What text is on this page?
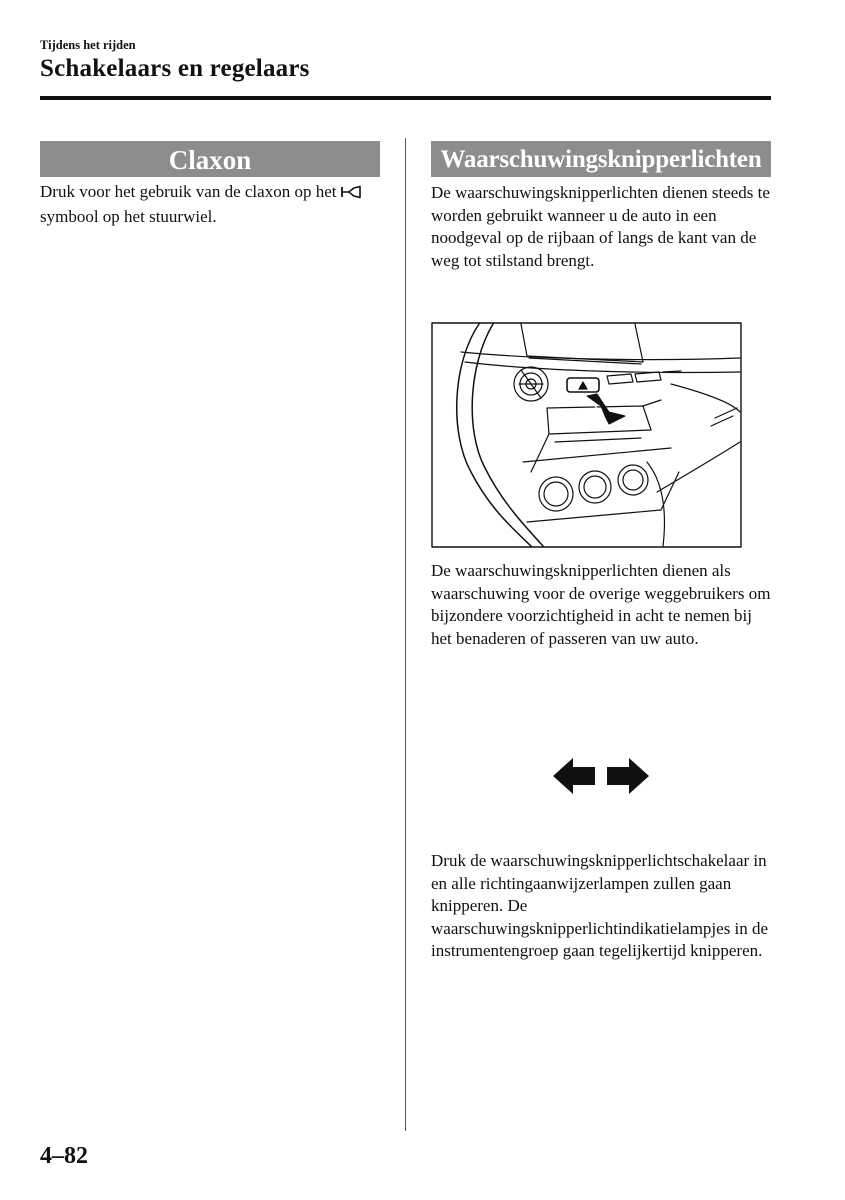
Tijdens het rijden
Schakelaars en regelaars
Claxon

Druk voor het gebruik van de claxon op hetsymbool op het stuurwiel.

Waarschuwingsknipperlichten

De waarschuwingsknipperlichten dienen steeds te worden gebruikt wanneer u de auto in een noodgeval op de rijbaan of langs de kant van de weg tot stilstand brengt.

De waarschuwingsknipperlichten dienen als waarschuwing voor de overige weggebruikers om bijzondere voorzichtigheid in acht te nemen bij het benaderen of passeren van uw auto.

Druk de waarschuwingsknipperlichtschakelaar in en alle richtingaanwijzerlampen zullen gaan knipperen. De waarschuwingsknipperlichtindikatielampjes in de instrumentengroep gaan tegelijkertijd knipperen.

4–82
